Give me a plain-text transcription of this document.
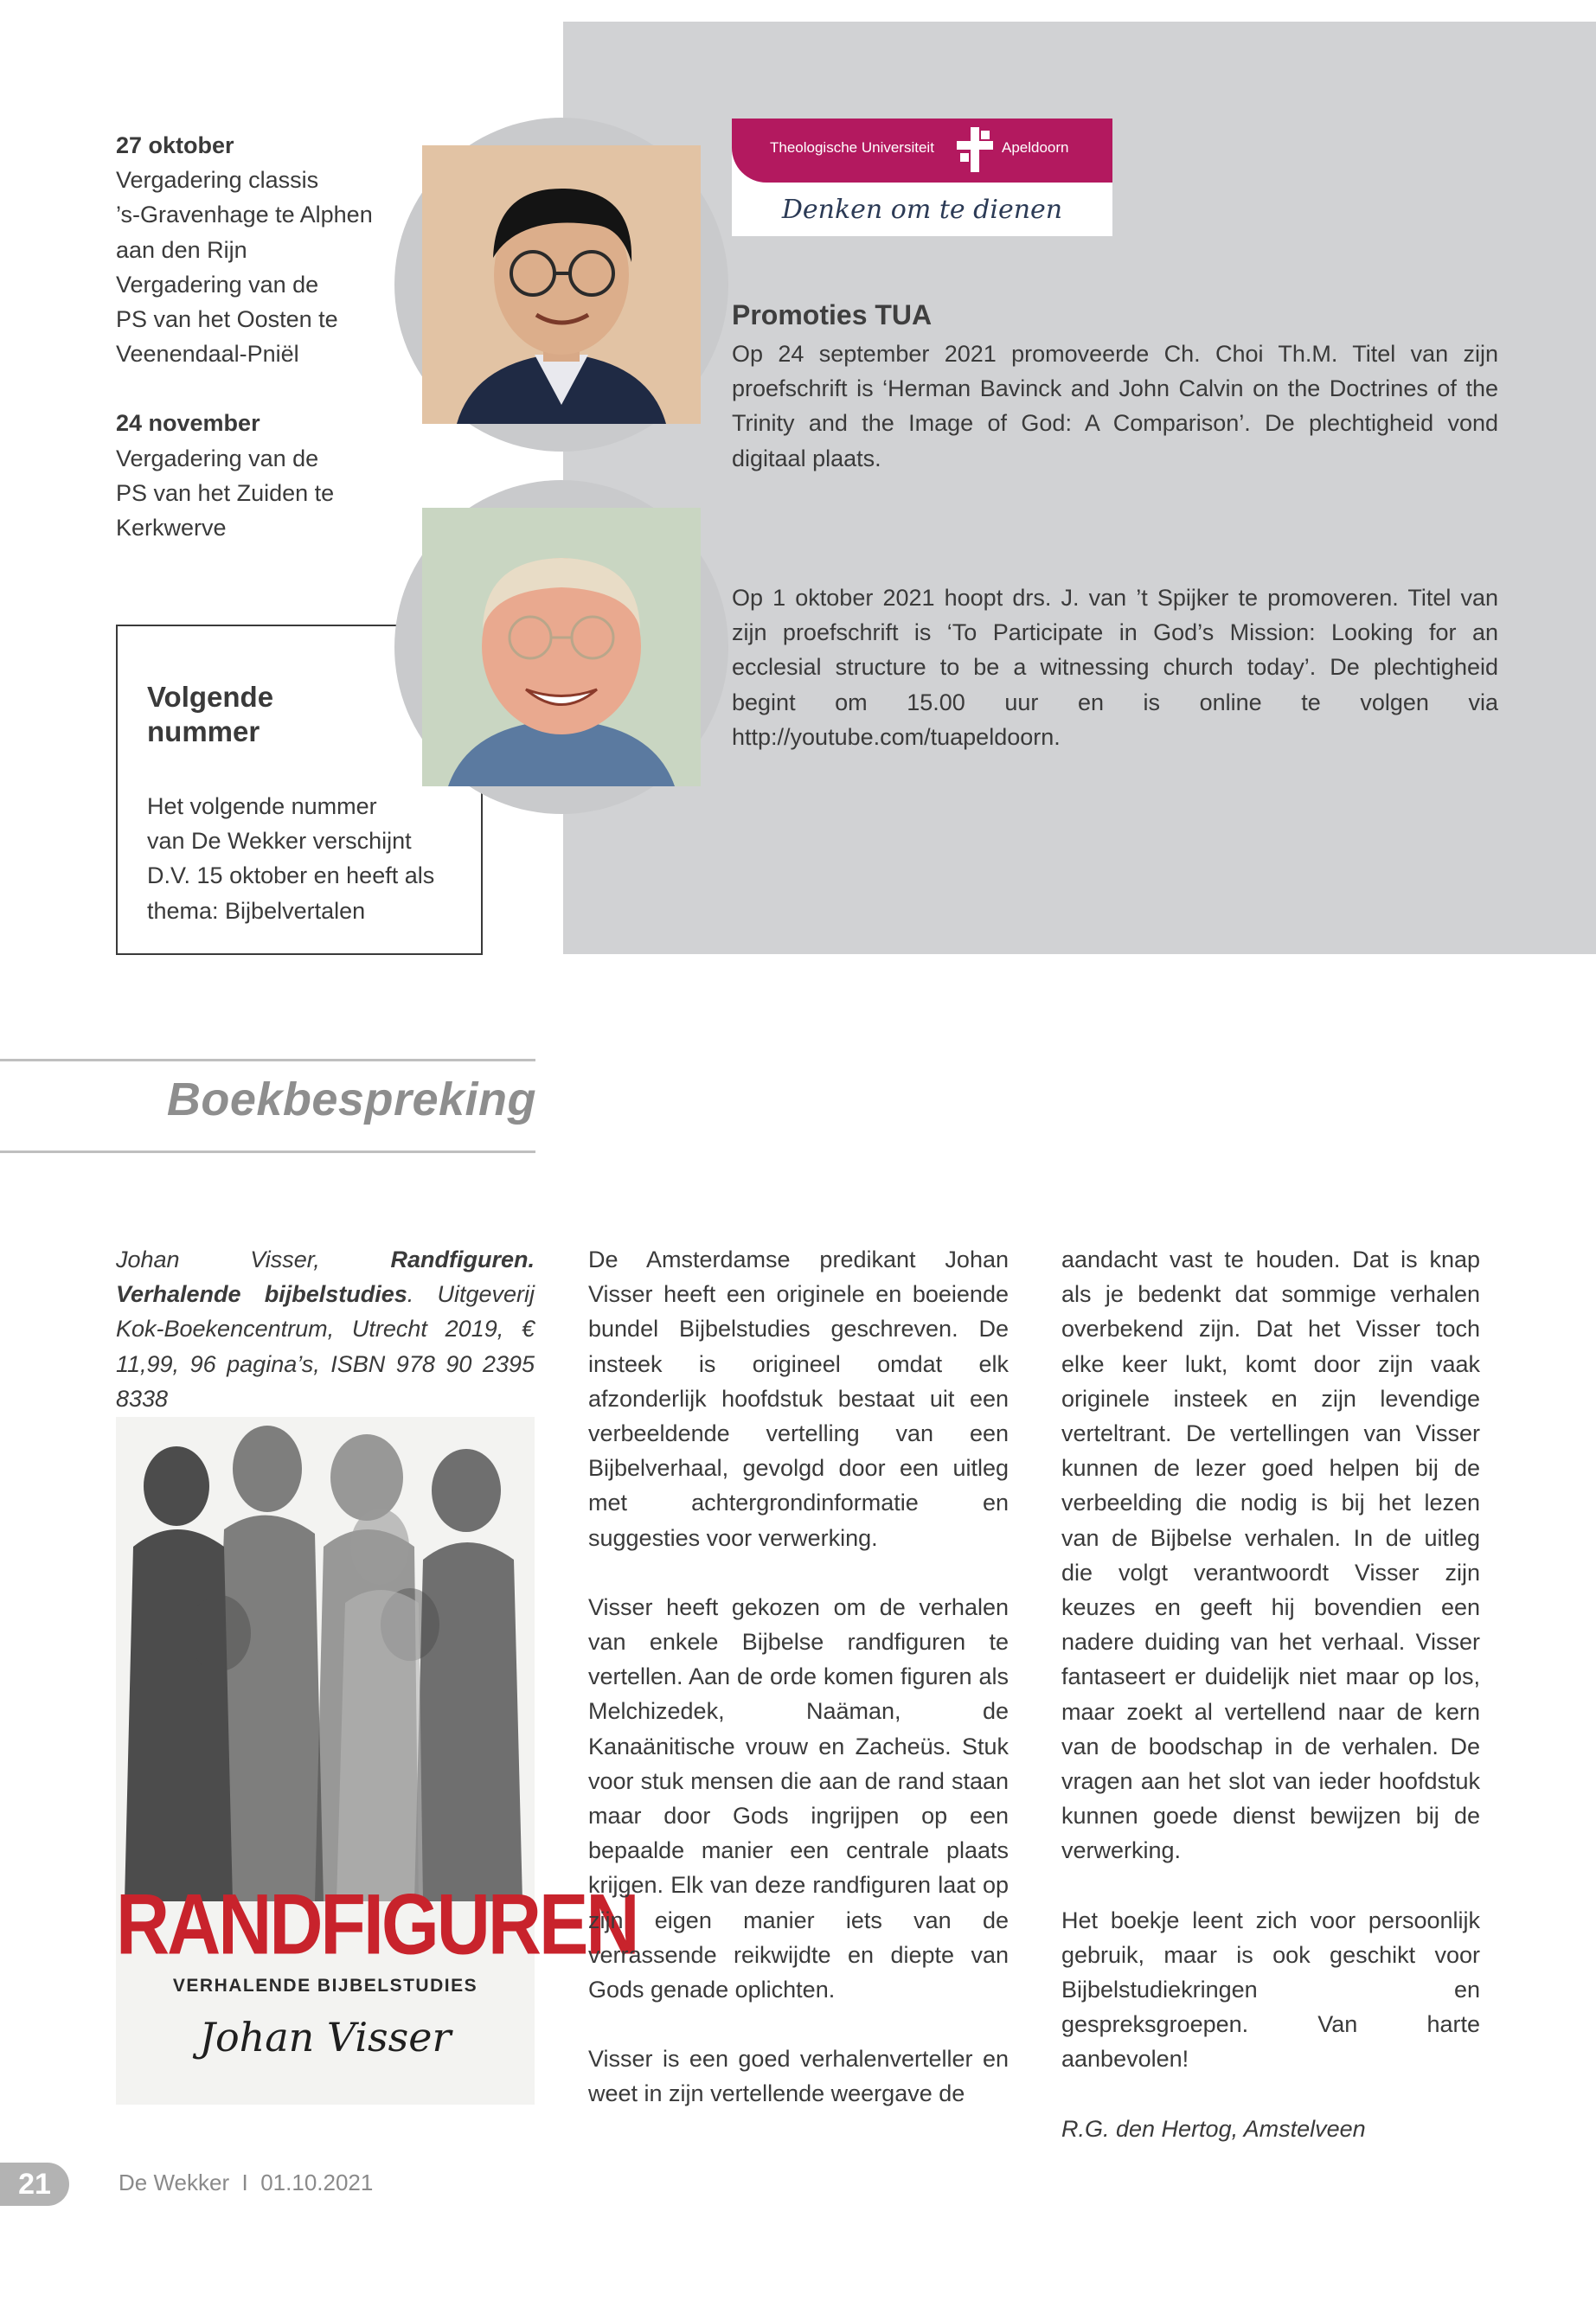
27 oktober
Vergadering classis
’s-Gravenhage te Alphen
aan den Rijn
Vergadering van de
PS van het Oosten te
Veenendaal-Pniël
24 november
Vergadering van de
PS van het Zuiden te
Kerkwerve
Volgende
nummer
Het volgende nummer
van De Wekker verschijnt
D.V. 15 oktober en heeft als
thema: Bijbelvertalen
Theologische Universiteit	Apeldoorn
Denken om te dienen
Promoties TUA
Op 24 september 2021 promoveerde Ch. Choi Th.M. Titel van zijn proefschrift is ‘Herman Bavinck and John Calvin on the Doctrines of the Trinity and the Image of God: A Comparison’. De plechtigheid vond digitaal plaats.
Op 1 oktober 2021 hoopt drs. J. van ’t Spijker te promoveren. Titel van zijn proefschrift is ‘To Participate in God’s Mission: Looking for an ecclesial structure to be a witnessing church today’. De plechtigheid begint om 15.00 uur en is online te volgen via http://youtube.com/tuapeldoorn.
Boekbespreking
Johan Visser, Randfiguren. Verhalende bijbelstudies. Uitgeverij Kok-Boekencentrum, Utrecht 2019, € 11,99, 96 pagina’s, ISBN 978 90 2395 8338
RANDFIGUREN
VERHALENDE BIJBELSTUDIES
Johan Visser
De Amsterdamse predikant Johan Visser heeft een originele en boeiende bundel Bijbelstudies geschreven. De insteek is origineel omdat elk afzonderlijk hoofdstuk bestaat uit een verbeeldende vertelling van een Bijbelverhaal, gevolgd door een uitleg met achtergrondinformatie en suggesties voor verwerking.
Visser heeft gekozen om de verhalen van enkele Bijbelse randfiguren te vertellen. Aan de orde komen figuren als Melchizedek, Naäman, de Kanaänitische vrouw en Zacheüs. Stuk voor stuk mensen die aan de rand staan maar door Gods ingrijpen op een bepaalde manier een centrale plaats krijgen. Elk van deze randfiguren laat op zijn eigen manier iets van de verrassende reikwijdte en diepte van Gods genade oplichten.
Visser is een goed verhalenverteller en weet in zijn vertellende weergave de
aandacht vast te houden. Dat is knap als je bedenkt dat sommige verhalen overbekend zijn. Dat het Visser toch elke keer lukt, komt door zijn vaak originele insteek en zijn levendige verteltrant. De vertellingen van Visser kunnen de lezer goed helpen bij de verbeelding die nodig is bij het lezen van de Bijbelse verhalen. In de uitleg die volgt verantwoordt Visser zijn keuzes en geeft hij bovendien een nadere duiding van het verhaal. Visser fantaseert er duidelijk niet maar op los, maar zoekt al vertellend naar de kern van de boodschap in de verhalen. De vragen aan het slot van ieder hoofdstuk kunnen goede dienst bewijzen bij de verwerking.
Het boekje leent zich voor persoonlijk gebruik, maar is ook geschikt voor Bijbelstudiekringen en gespreksgroepen. Van harte aanbevolen!
R.G. den Hertog, Amstelveen
21	De Wekker  I  01.10.2021
